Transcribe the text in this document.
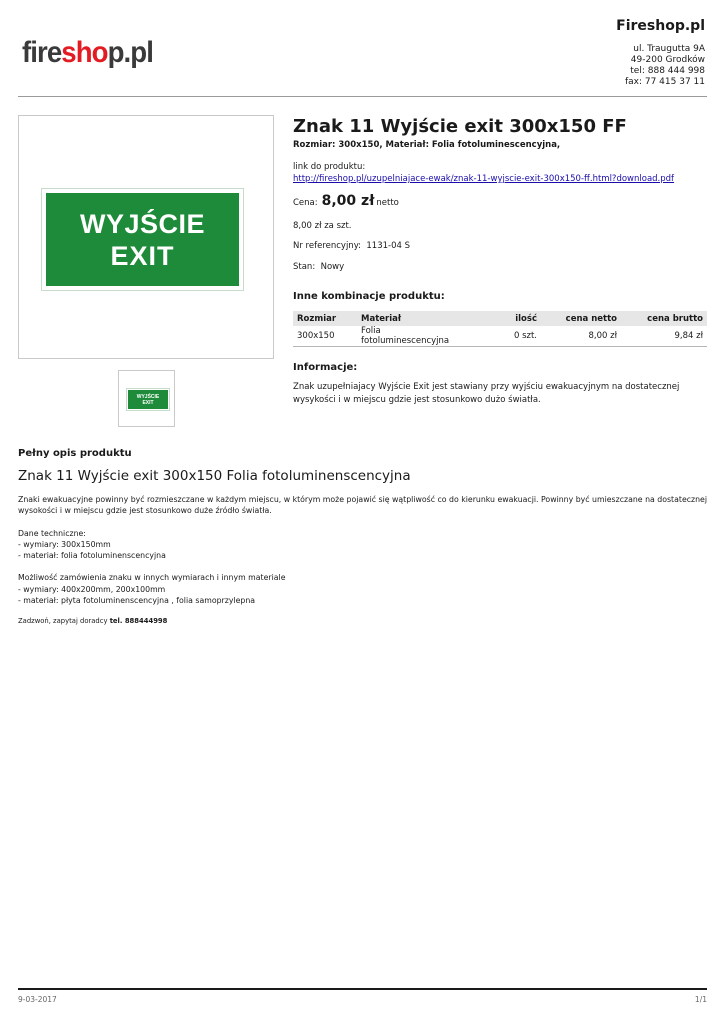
fireshop.pl
Fireshop.pl
ul. Traugutta 9A
49-200 Grodków
tel: 888 444 998
fax: 77 415 37 11
WYJŚCIE
EXIT
WYJŚCIE
EXIT
Znak 11 Wyjście exit 300x150 FF
Rozmiar: 300x150, Materiał: Folia fotoluminescencyjna,
link do produktu:
http://fireshop.pl/uzupelniajace-ewak/znak-11-wyjscie-exit-300x150-ff.html?download.pdf
Cena: 8,00 zł netto
8,00 zł za szt.
Nr referencyjny: 1131-04 S
Stan: Nowy
Inne kombinacje produktu:
Rozmiar	Materiał	ilość	cena netto	cena brutto
300x150	Folia fotoluminescencyjna	0 szt.	8,00 zł	9,84 zł
Informacje:
Znak uzupełniajacy Wyjście Exit jest stawiany przy wyjściu ewakuacyjnym na dostatecznej wysykości i w miejscu gdzie jest stosunkowo dużo światła.
Pełny opis produktu
Znak 11 Wyjście exit 300x150 Folia fotoluminenscencyjna

Znaki ewakuacyjne powinny być rozmieszczane w każdym miejscu, w którym może pojawić się wątpliwość co do kierunku ewakuacji. Powinny być umieszczane na dostatecznej wysokości i w miejscu gdzie jest stosunkowo duże źródło światła.

Dane techniczne:

- wymiary: 300x150mm

- materiał: folia fotoluminenscencyjna

Możliwość zamówienia znaku w innych wymiarach i innym materiale

- wymiary: 400x200mm, 200x100mm

- materiał: płyta fotoluminenscencyjna , folia samoprzylepna

Zadzwoń, zapytaj doradcy tel. 888444998
9-03-2017	1/1
